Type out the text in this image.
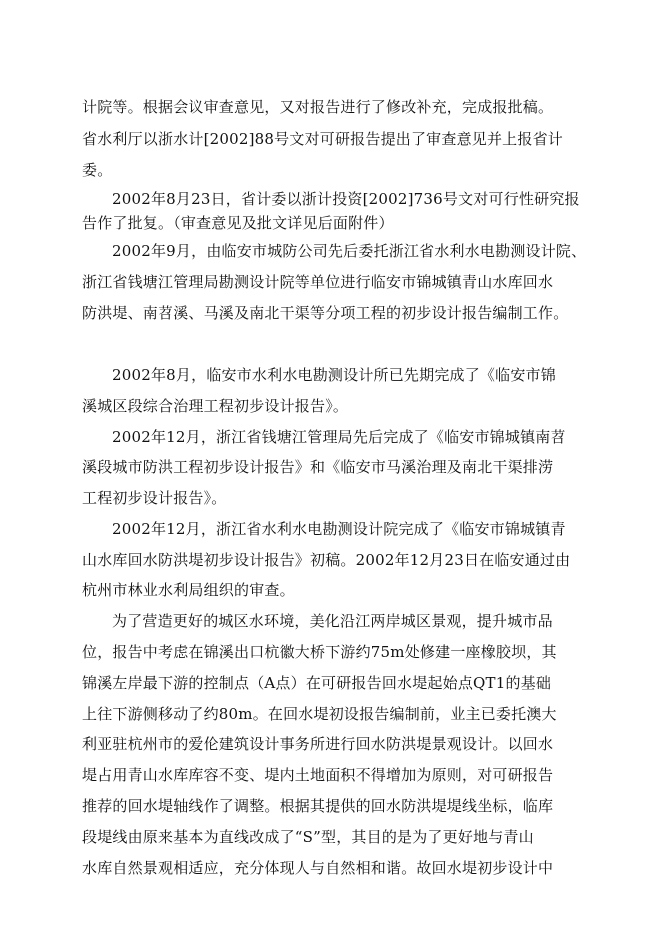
计院等。根据会议审查意见，又对报告进行了修改补充，完成报批稿。
省水利厅以浙水计[2002]88号文对可研报告提出了审查意见并上报省计
委。
2002年8月23日，省计委以浙计投资[2002]736号文对可行性研究报
告作了批复。（审查意见及批文详见后面附件）
2002年9月，由临安市城防公司先后委托浙江省水利水电勘测设计院、
浙江省钱塘江管理局勘测设计院等单位进行临安市锦城镇青山水库回水
防洪堤、南苕溪、马溪及南北干渠等分项工程的初步设计报告编制工作。
2002年8月，临安市水利水电勘测设计所已先期完成了《临安市锦
溪城区段综合治理工程初步设计报告》。
2002年12月，浙江省钱塘江管理局先后完成了《临安市锦城镇南苕
溪段城市防洪工程初步设计报告》和《临安市马溪治理及南北干渠排涝
工程初步设计报告》。
2002年12月，浙江省水利水电勘测设计院完成了《临安市锦城镇青
山水库回水防洪堤初步设计报告》初稿。2002年12月23日在临安通过由
杭州市林业水利局组织的审查。
为了营造更好的城区水环境，美化沿江两岸城区景观，提升城市品
位，报告中考虑在锦溪出口杭徽大桥下游约75m处修建一座橡胶坝，其
锦溪左岸最下游的控制点（A点）在可研报告回水堤起始点QT1的基础
上往下游侧移动了约80m。在回水堤初设报告编制前，业主已委托澳大
利亚驻杭州市的爱伦建筑设计事务所进行回水防洪堤景观设计。以回水
堤占用青山水库库容不变、堤内土地面积不得增加为原则，对可研报告
推荐的回水堤轴线作了调整。根据其提供的回水防洪堤堤线坐标，临库
段堤线由原来基本为直线改成了“S”型，其目的是为了更好地与青山
水库自然景观相适应，充分体现人与自然相和谐。故回水堤初步设计中
